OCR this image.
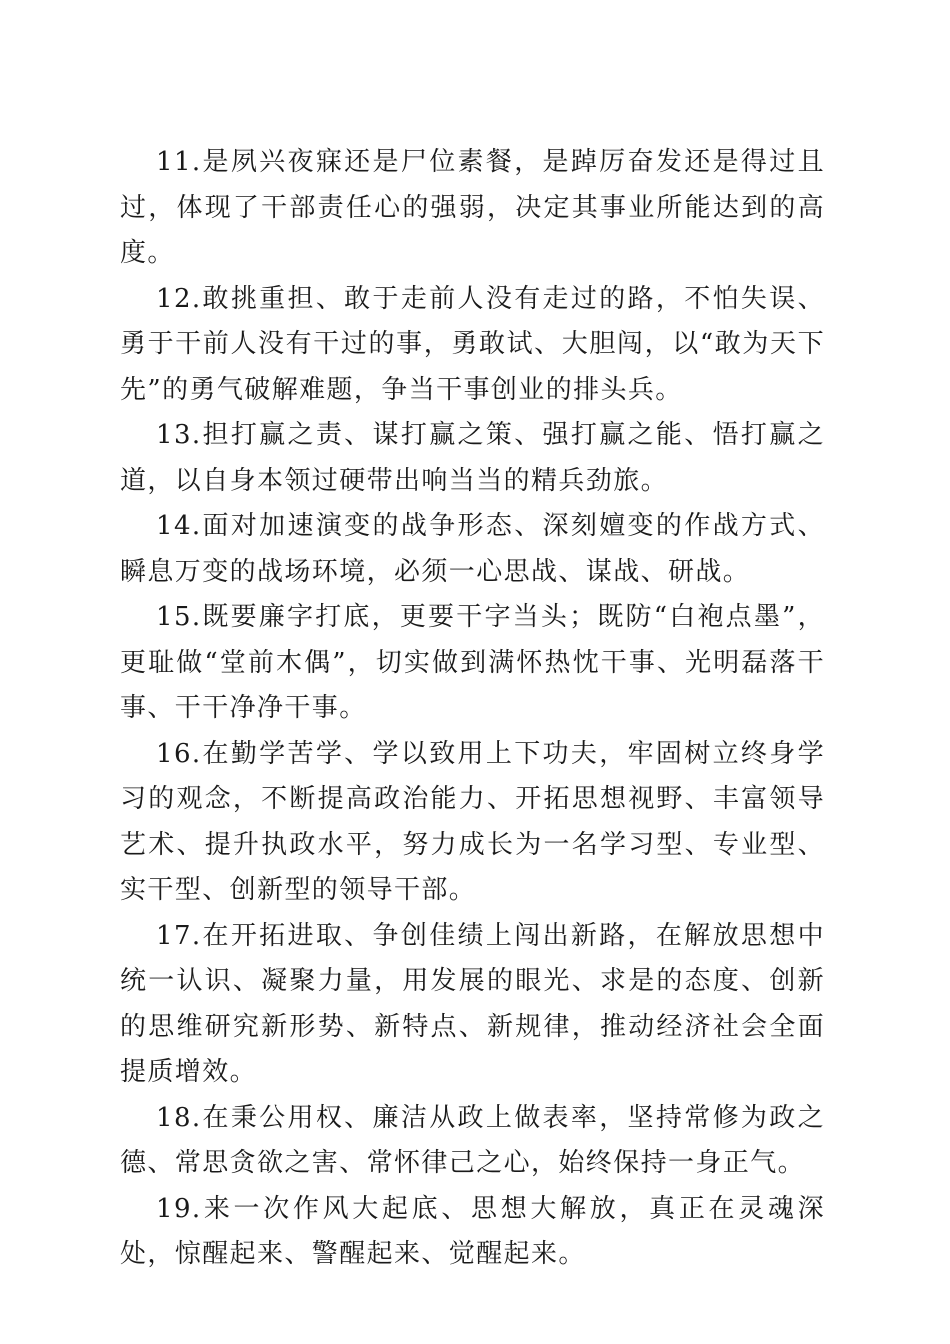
11.是夙兴夜寐还是尸位素餐，是踔厉奋发还是得过且过，体现了干部责任心的强弱，决定其事业所能达到的高度。

12.敢挑重担、敢于走前人没有走过的路，不怕失误、勇于干前人没有干过的事，勇敢试、大胆闯，以“敢为天下先”的勇气破解难题，争当干事创业的排头兵。

13.担打赢之责、谋打赢之策、强打赢之能、悟打赢之道，以自身本领过硬带出响当当的精兵劲旅。

14.面对加速演变的战争形态、深刻嬗变的作战方式、瞬息万变的战场环境，必须一心思战、谋战、研战。

15.既要廉字打底，更要干字当头；既防“白袍点墨”，更耻做“堂前木偶”，切实做到满怀热忱干事、光明磊落干事、干干净净干事。

16.在勤学苦学、学以致用上下功夫，牢固树立终身学习的观念，不断提高政治能力、开拓思想视野、丰富领导艺术、提升执政水平，努力成长为一名学习型、专业型、实干型、创新型的领导干部。

17.在开拓进取、争创佳绩上闯出新路，在解放思想中统一认识、凝聚力量，用发展的眼光、求是的态度、创新的思维研究新形势、新特点、新规律，推动经济社会全面提质增效。

18.在秉公用权、廉洁从政上做表率，坚持常修为政之德、常思贪欲之害、常怀律己之心，始终保持一身正气。

19.来一次作风大起底、思想大解放，真正在灵魂深处，惊醒起来、警醒起来、觉醒起来。
